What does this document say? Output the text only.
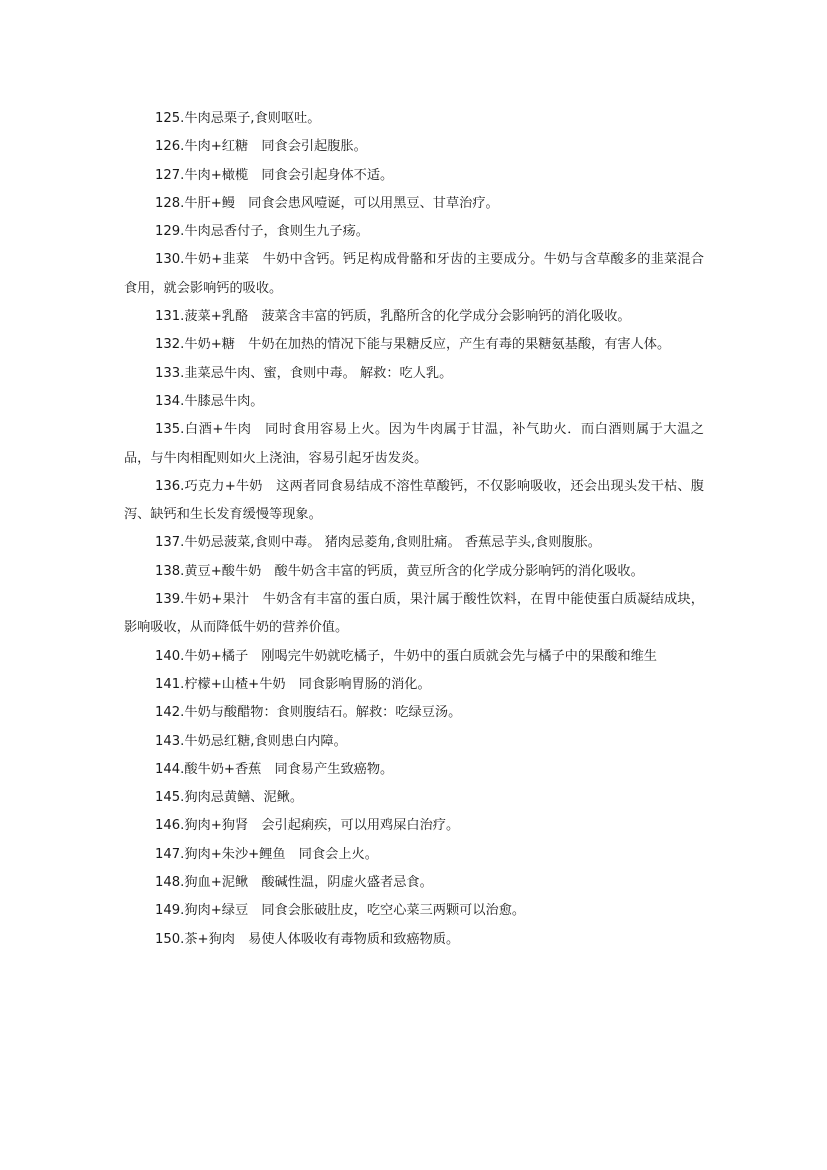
125.牛肉忌栗子,食则呕吐。

126.牛肉+红糖　同食会引起腹胀。

127.牛肉+橄榄　同食会引起身体不适。

128.牛肝+鳗　同食会患风噎诞，可以用黑豆、甘草治疗。

129.牛肉忌香付子，食则生九子疡。

130.牛奶+韭菜　牛奶中含钙。钙足构成骨骼和牙齿的主要成分。牛奶与含草酸多的韭菜混合食用，就会影响钙的吸收。

131.菠菜+乳酪　菠菜含丰富的钙质，乳酪所含的化学成分会影响钙的消化吸收。

132.牛奶+糖　牛奶在加热的情况下能与果糖反应，产生有毒的果糖氨基酸，有害人体。

133.韭菜忌牛肉、蜜，食则中毒。 解救：吃人乳。

134.牛膝忌牛肉。

135.白酒+牛肉　同时食用容易上火。因为牛肉属于甘温，补气助火．而白酒则属于大温之品，与牛肉相配则如火上浇油，容易引起牙齿发炎。

136.巧克力+牛奶　这两者同食易结成不溶性草酸钙，不仅影响吸收，还会出现头发干枯、腹泻、缺钙和生长发育缓慢等现象。

137.牛奶忌菠菜,食则中毒。 猪肉忌菱角,食则肚痛。 香蕉忌芋头,食则腹胀。

138.黄豆+酸牛奶　酸牛奶含丰富的钙质，黄豆所含的化学成分影响钙的消化吸收。

139.牛奶+果汁　牛奶含有丰富的蛋白质，果汁属于酸性饮料，在胃中能使蛋白质凝结成块，影响吸收，从而降低牛奶的营养价值。

140.牛奶+橘子　刚喝完牛奶就吃橘子，牛奶中的蛋白质就会先与橘子中的果酸和维生

141.柠檬+山楂+牛奶　同食影响胃肠的消化。

142.牛奶与酸醋物：食则腹结石。解救：吃绿豆汤。

143.牛奶忌红糖,食则患白内障。

144.酸牛奶+香蕉　同食易产生致癌物。

145.狗肉忌黄鳝、泥鳅。

146.狗肉+狗肾　会引起痢疾，可以用鸡屎白治疗。

147.狗肉+朱沙+鲤鱼　同食会上火。

148.狗血+泥鳅　酸碱性温，阴虚火盛者忌食。

149.狗肉+绿豆　同食会胀破肚皮，吃空心菜三两颗可以治愈。

150.茶+狗肉　易使人体吸收有毒物质和致癌物质。
